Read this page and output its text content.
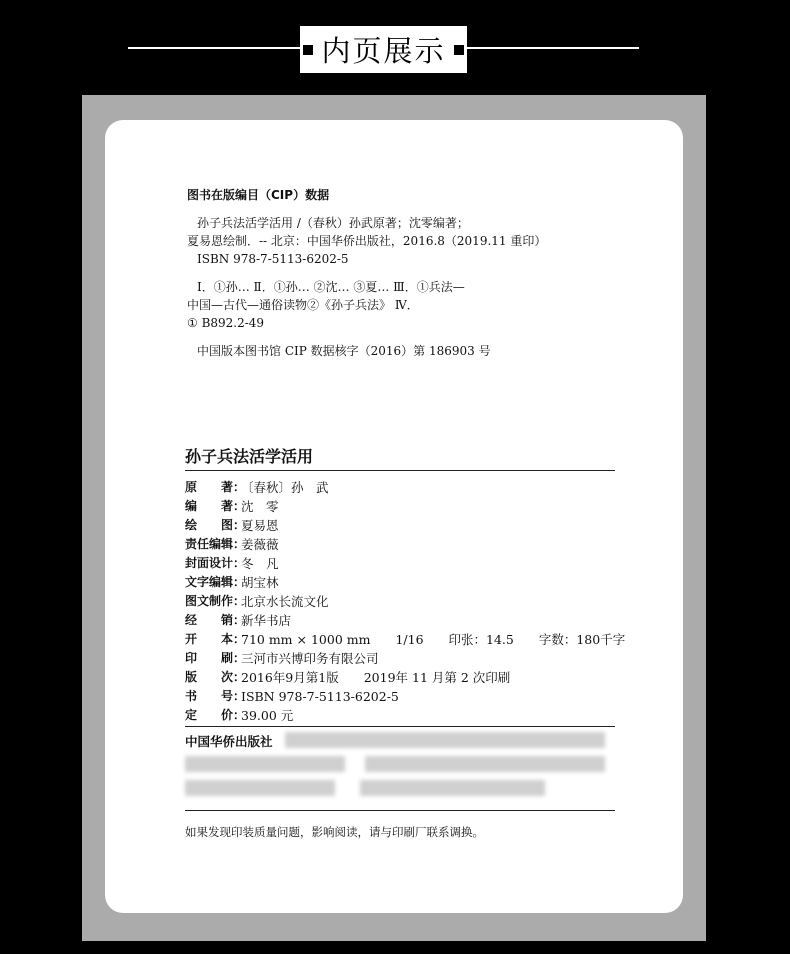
内页展示
图书在版编目（CIP）数据
孙子兵法活学活用 /（春秋）孙武原著；沈零编著；
夏易恩绘制．-- 北京：中国华侨出版社，2016.8（2019.11 重印）
ISBN 978-7-5113-6202-5
Ⅰ．①孙… Ⅱ．①孙… ②沈… ③夏… Ⅲ．①兵法—
中国—古代—通俗读物②《孙子兵法》 Ⅳ．
① B892.2-49
中国版本图书馆 CIP 数据核字（2016）第 186903 号
孙子兵法活学活用
原　　著：
〔春秋〕孙　武
编　　著：
沈　零
绘　　图：
夏易恩
责任编辑：
姜薇薇
封面设计：
冬　凡
文字编辑：
胡宝林
图文制作：
北京水长流文化
经　　销：
新华书店
开　　本：
710 mm × 1000 mm　　1/16　　印张：14.5　　字数：180千字
印　　刷：
三河市兴博印务有限公司
版　　次：
2016年9月第1版　　2019年 11 月第 2 次印刷
书　　号：
ISBN 978-7-5113-6202-5
定　　价：
39.00 元
中国华侨出版社
如果发现印装质量问题，影响阅读，请与印刷厂联系调换。
